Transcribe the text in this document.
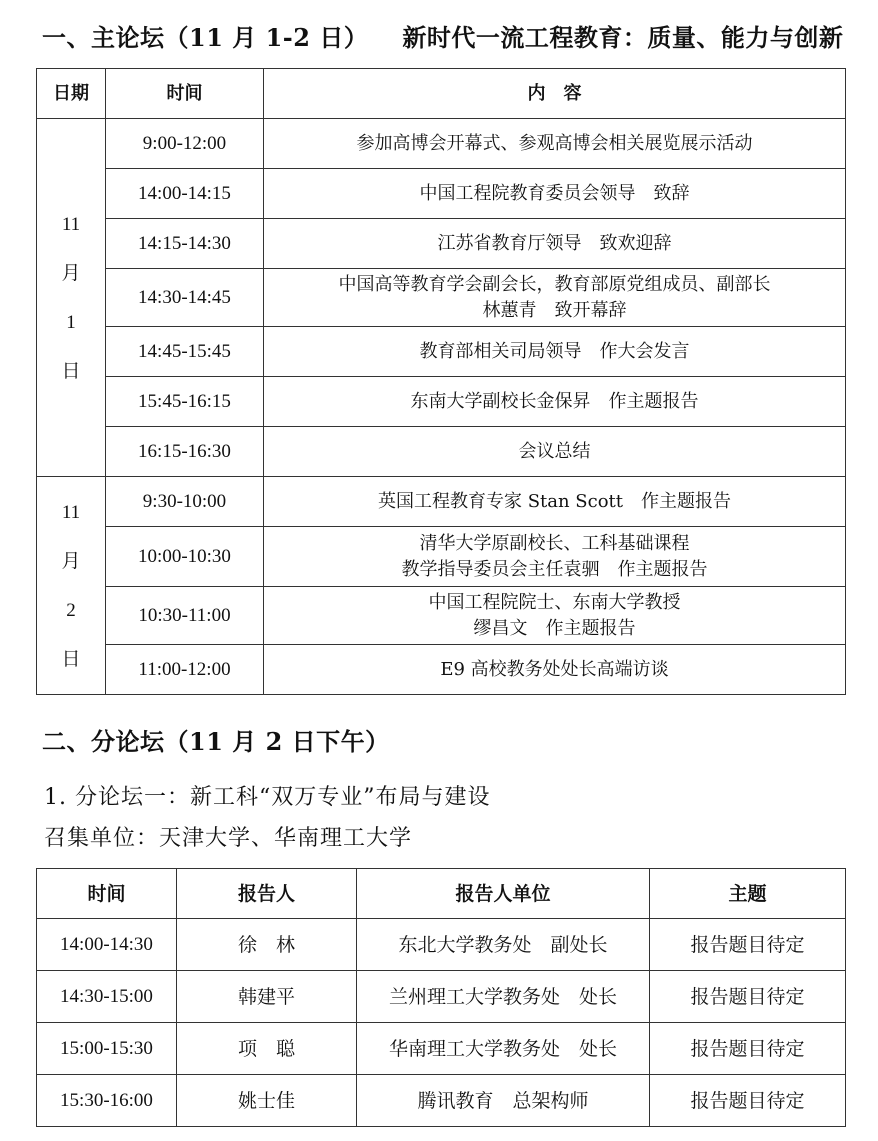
一、主论坛（11 月 1-2 日） 新时代一流工程教育：质量、能力与创新
日期	时间	内　容

11
月
1
日	9:00-12:00	参加高博会开幕式、参观高博会相关展览展示活动
	14:00-14:15	中国工程院教育委员会领导　致辞
	14:15-14:30	江苏省教育厅领导　致欢迎辞
	14:30-14:45	中国高等教育学会副会长，教育部原党组成员、副部长
林蕙青　致开幕辞

	14:45-15:45	教育部相关司局领导　作大会发言
	15:45-16:15	东南大学副校长金保昇　作主题报告
	16:15-16:30	会议总结

11
月
2
日	9:30-10:00	英国工程教育专家 Stan Scott　作主题报告
	10:00-10:30	清华大学原副校长、工科基础课程
教学指导委员会主任袁驷　作主题报告

	10:30-11:00	中国工程院院士、东南大学教授
缪昌文　作主题报告

	11:00-12:00	E9 高校教务处处长高端访谈
二、分论坛（11 月 2 日下午）
1. 分论坛一：新工科“双万专业”布局与建设
召集单位：天津大学、华南理工大学
时间	报告人	报告人单位	主题
14:00-14:30	徐　林	东北大学教务处　副处长	报告题目待定
14:30-15:00	韩建平	兰州理工大学教务处　处长	报告题目待定
15:00-15:30	项　聪	华南理工大学教务处　处长	报告题目待定
15:30-16:00	姚士佳	腾讯教育　总架构师	报告题目待定
